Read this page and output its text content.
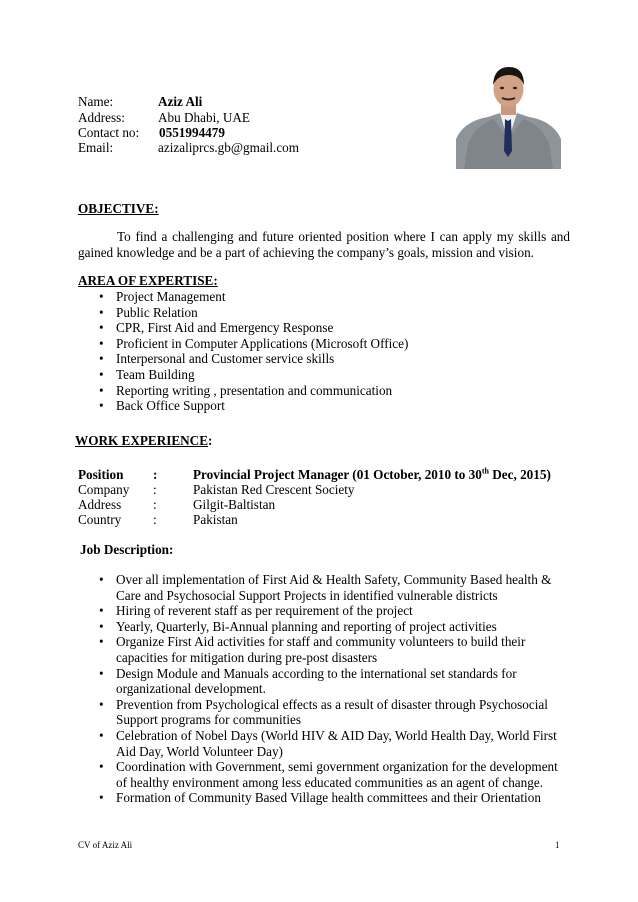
Name:	Aziz Ali
Address:	Abu Dhabi, UAE
Contact no: 0551994479
Email:	azizaliprcs.gb@gmail.com
OBJECTIVE:
To find a challenging and future oriented position where I can apply my skills and gained knowledge and be a part of achieving the company’s goals, mission and vision.
AREA OF EXPERTISE:
• Project Management
• Public Relation
• CPR, First Aid and Emergency Response
• Proficient in Computer Applications (Microsoft Office)
• Interpersonal and Customer service skills
• Team Building
• Reporting writing , presentation and communication
• Back Office Support
WORK EXPERIENCE:
Position :	Provincial Project Manager (01 October, 2010 to 30th Dec, 2015)
Company :	Pakistan Red Crescent Society
Address :	Gilgit-Baltistan
Country :	Pakistan
Job Description:
• Over all implementation of First Aid & Health Safety, Community Based health & Care and Psychosocial Support Projects in identified vulnerable districts
• Hiring of reverent staff as per requirement of the project
• Yearly, Quarterly, Bi-Annual planning and reporting of project activities
• Organize First Aid activities for staff and community volunteers to build their capacities for mitigation during pre-post disasters
• Design Module and Manuals according to the international set standards for organizational development.
• Prevention from Psychological effects as a result of disaster through Psychosocial Support programs for communities
• Celebration of Nobel Days (World HIV & AID Day, World Health Day, World First Aid Day, World Volunteer Day)
• Coordination with Government, semi government organization for the development of healthy environment among less educated communities as an agent of change.
• Formation of Community Based Village health committees and their Orientation
CV of Aziz Ali	1
